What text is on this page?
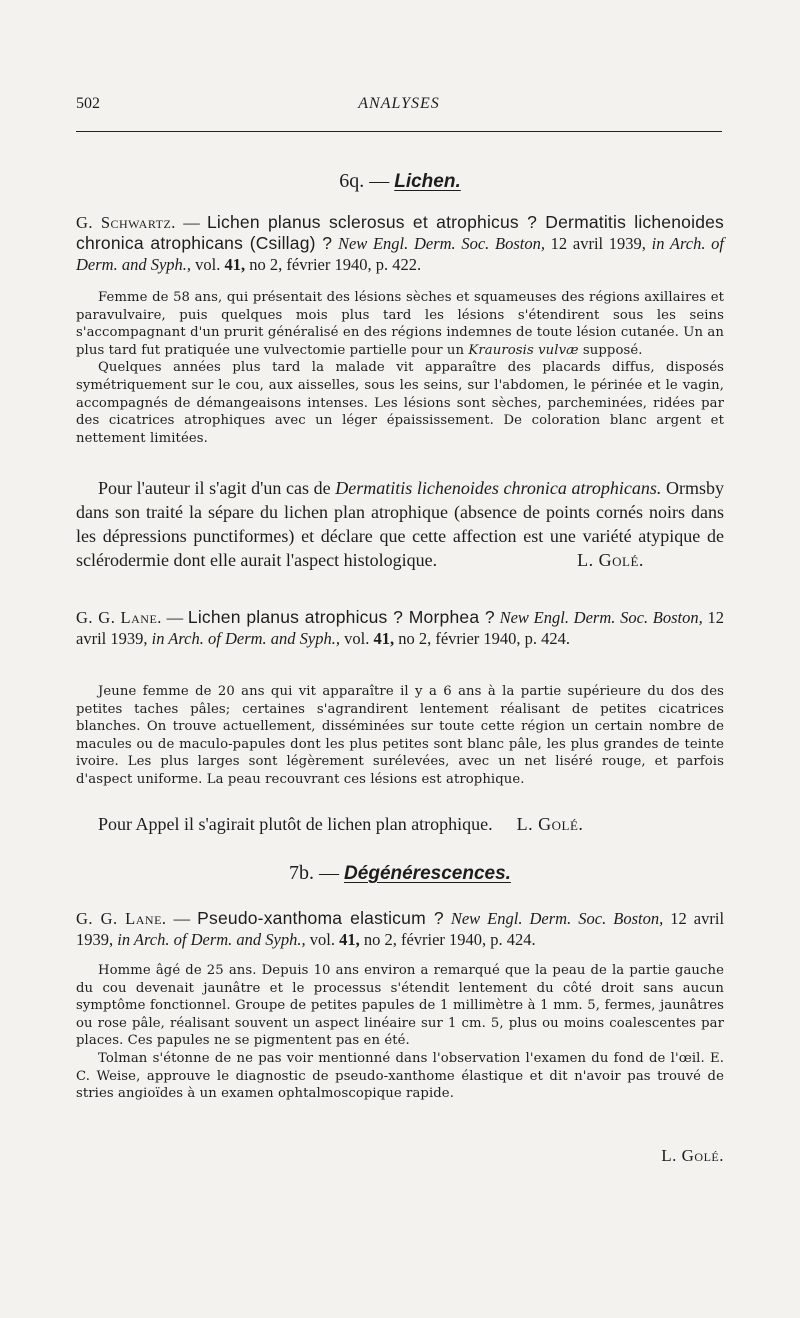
502	ANALYSES
6q. — Lichen.
G. Schwartz. — Lichen planus sclerosus et atrophicus ? Dermatitis lichenoides chronica atrophicans (Csillag) ? New Engl. Derm. Soc. Boston, 12 avril 1939, in Arch. of Derm. and Syph., vol. 41, no 2, février 1940, p. 422.

Femme de 58 ans, qui présentait des lésions sèches et squameuses des régions axillaires et paravulvaire, puis quelques mois plus tard les lésions s'étendirent sous les seins s'accompagnant d'un prurit généralisé en des régions indemnes de toute lésion cutanée. Un an plus tard fut pratiquée une vulvectomie partielle pour un Kraurosis vulvæ supposé.

Quelques années plus tard la malade vit apparaître des placards diffus, disposés symétriquement sur le cou, aux aisselles, sous les seins, sur l'abdomen, le périnée et le vagin, accompagnés de démangeaisons intenses. Les lésions sont sèches, parcheminées, ridées par des cicatrices atrophiques avec un léger épaississement. De coloration blanc argent et nettement limitées.

Pour l'auteur il s'agit d'un cas de Dermatitis lichenoides chronica atrophicans. Ormsby dans son traité la sépare du lichen plan atrophique (absence de points cornés noirs dans les dépressions punctiformes) et déclare que cette affection est une variété atypique de sclérodermie dont elle aurait l'aspect histologique.	L. Golé.

G. G. Lane. — Lichen planus atrophicus ? Morphea ? New Engl. Derm. Soc. Boston, 12 avril 1939, in Arch. of Derm. and Syph., vol. 41, no 2, février 1940, p. 424.

Jeune femme de 20 ans qui vit apparaître il y a 6 ans à la partie supérieure du dos des petites taches pâles; certaines s'agrandirent lentement réalisant de petites cicatrices blanches. On trouve actuellement, disséminées sur toute cette région un certain nombre de macules ou de maculo-papules dont les plus petites sont blanc pâle, les plus grandes de teinte ivoire. Les plus larges sont légèrement surélevées, avec un net liséré rouge, et parfois d'aspect uniforme. La peau recouvrant ces lésions est atrophique.

Pour Appel il s'agirait plutôt de lichen plan atrophique. L. Golé.

7b. — Dégénérescences.
G. G. Lane. — Pseudo-xanthoma elasticum ? New Engl. Derm. Soc. Boston, 12 avril 1939, in Arch. of Derm. and Syph., vol. 41, no 2, février 1940, p. 424.

Homme âgé de 25 ans. Depuis 10 ans environ a remarqué que la peau de la partie gauche du cou devenait jaunâtre et le processus s'étendit lentement du côté droit sans aucun symptôme fonctionnel. Groupe de petites papules de 1 millimètre à 1 mm. 5, fermes, jaunâtres ou rose pâle, réalisant souvent un aspect linéaire sur 1 cm. 5, plus ou moins coalescentes par places. Ces papules ne se pigmentent pas en été.

Tolman s'étonne de ne pas voir mentionné dans l'observation l'examen du fond de l'œil. E. C. Weise, approuve le diagnostic de pseudo-xanthome élastique et dit n'avoir pas trouvé de stries angioïdes à un examen ophtalmoscopique rapide.

L. Golé.
